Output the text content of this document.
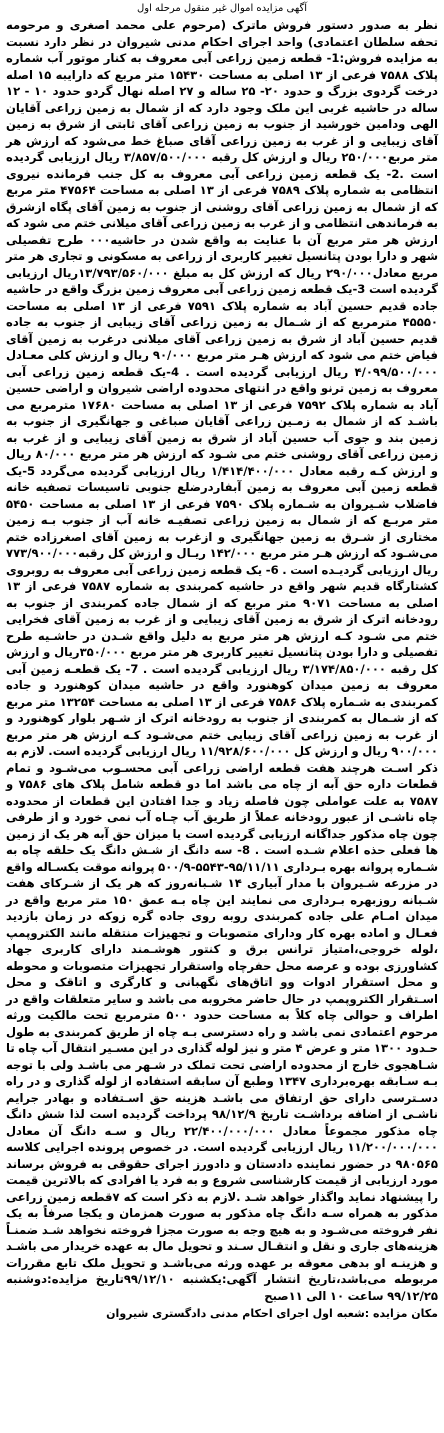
آگهی مزایده اموال غیر منقول مرحله اول

نظر به صدور دستور فروش ماترک (مرحوم علی محمد اصغری و مرحومه تحفه سلطان اعتمادی) واحد اجرای احکام مدنی شیروان در نظر دارد نسبت به مزایده فروش:1- قطعه زمین زراعی آبی معروف به کنار موتور آب شماره پلاک ۷۵۸۸ فرعی از ۱۳ اصلی به مساحت ۱۵۴۳۰ متر مربع که دارایبه ۱۵ اصله درخت گردوی بزرگ و حدود ۲۰- ۲۵ ساله و ۲۷ اصله نهال گردو حدود ۱۰ - ۱۲ ساله در حاشیه غربی این ملک وجود دارد که از شمال به زمین زراعی آقایان الهی ودامین خورشید از جنوب به زمین زراعی آقای ثابتی از شرق به زمین آقای زیبایی و از غرب به زمین زراعی آقای صباغ خط می‌شود که ارزش هر متر مربع۲۵۰/۰۰۰ ریال و ارزش کل رقبه ۳/۸۵۷/۵۰۰/۰۰۰ ریال ارزیابی گردیده است .2- یک قطعه زمین زراعی آبی معروف به کل جنب فرمانده نیروی انتظامی به شماره پلاک ۷۵۸۹ فرعی از ۱۳ اصلی به مساحت ۴۷۵۶۴ متر مربع که از شمال به زمین زراعی آقای روشنی از جنوب به زمین آقای پگاه ازشرق به فرماندهی انتظامی و از غرب به زمین زراعی آقای میلانی ختم می شود که ارزش هر متر مربع آن با عنایت به واقع شدن در حاشیه۰۰۰ طرح تفصیلی شهر و دارا بودن پتانسیل تغییر کاربری از زراعی به مسکونی و تجاری هر متر مربع معادل۲۹۰/۰۰۰ ریال که ارزش کل به مبلغ ۱۳/۷۹۳/۵۶۰/۰۰۰ریال ارزیابی گردیده است 3-یک قطعه زمین زراعی آبی معروف زمین بزرگ واقع در حاشیه جاده قدیم حسین آباد به شماره پلاک ۷۵۹۱ فرعی از ۱۳ اصلی به مساحت ۴۵۵۵۰ مترمربع که از شـمال به زمین زراعی آقای زیبایی از جنوب به جاده قدیم حسین آباد از شرق به زمین زراعی آقای میلانی درغرب به زمین آقای فیاض ختم می شود که ارزش هـر متر مربع ۹۰/۰۰۰ ریال و ارزش کلی معـادل ۴/۰۹۹/۵۰۰/۰۰۰ ریال ارزیابی گردیده است . 4-یک قطعه زمین زراعی آبی معروف به زمین ترنو واقع در انتهای محدوده اراضی شیروان و اراضی حسین آباد به شماره پلاک ۷۵۹۲ فرعی از ۱۳ اصلی به مساحت ۱۷۶۸۰ مترمربع می باشـد که از شمال به زمـین زراعی آقایان صباغی و جهانگیری از جنوب به زمین بند و جوی آب حسین آباد از شرق به زمین آقای زیبایی و از غرب به زمین زراعی آقای روشنی ختم می شـود که ارزش هر متر مربع ۸۰/۰۰۰ ریال و ارزش کـه رقبه معادل ۱/۴۱۴/۴۰۰/۰۰۰ ریال ارزیابی گردیده می‌گردد 5-یک قطعه زمین آبی معروف به زمین آبفاردرضلع جنوبی تاسیسات تصفیه خانه فاضلاب شـیروان به شـماره پلاک ۷۵۹۰ فرعی از ۱۳ اصلی به مساحت ۵۴۵۰ متر مربـع که از شمال به زمین زراعی تصفیـه خانه آب از جنوب بـه زمین مختاری از شـرق به زمین جهانگیری و ازغرب به زمین آقای اصغرزاده ختم می‌شـود که ارزش هـر متر مربع ۱۴۲/۰۰۰ ریـال و ارزش کل رقبه۷۷۳/۹۰۰/۰۰۰ ریال ارزیابی گردیـده است . 6- یک قطعه زمین زراعی آبی معروف به روبروی کشتارگاه قدیم شهر واقع در حاشیه کمربندی به شماره ۷۵۸۷ فرعی از ۱۳ اصلی به مساحت ۹۰۷۱ متر مربع که از شمال جاده کمربندی از جنوب به رودخانه اترک از شرق به زمین آقای زیبایی و از غرب به زمین آقای فخرایی ختم می شـود کـه ارزش هر متر مربع به دلیل واقع شـدن در حاشـیه طرح تفصیلی و دارا بودن پتانسیل تغییر کاربری هر متر مربع ۳۵۰/۰۰۰ریال و ارزش کل رقبه ۳/۱۷۴/۸۵۰/۰۰۰ ریال ارزیابی گردیده است . 7- یک قطعـه زمین آبی معروف به زمین میدان کوهنورد واقع در حاشیه میدان کوهنورد و جاده کمربندی به شـماره پلاک ۷۵۸۶ فرعی از ۱۳ اصلی به مساحت ۱۳۲۵۴ متر مربع که از شـمال به کمربندی از جنوب به رودخانه اترک از شـهر بلوار کوهنورد و از غرب به زمین زراعی آقای زیبایی ختم می‌شـود کـه ارزش هر متر مربع ۹۰۰/۰۰۰ ریال و ارزش کل ۱۱/۹۲۸/۶۰۰/۰۰۰ ریال ارزیابی گردیده است. لازم به ذکر اسـت هرچند هفت قطعه اراضی زراعی آبی محسـوب می‌شـود و تمام قطعات داره حق آبه از چاه می باشد اما دو قطعه شامل پلاک های ۷۵۸۶ و ۷۵۸۷ به علت عواملی چون فاصله زیاد و جدا افتادن این قطعات از محدوده چاه ناشـی از عبور رودخانه عملاً از طریق آب چـاه آب نمی خورد و از طرفی چون چاه مذکور جداگانه ارزیابی گردیده است یا میزان حق آبه هر یک از زمین ها فعلی حذه اعلام شـده است . 8- سه دانگ از شـش دانگ یک حلقه چاه به شـماره پروانه بهره بـرداری ۹۵/۱۱/۱۱-۵۵۴۳-۵۰۰/۹ پروانه موقت یکسـاله واقع در مزرعه شـیروان با مدار آبیاری ۱۴ شـبانه‌روز که هر یک از شـرکای هفت شـبانه روزبهره بـرداری می نمایند این چاه بـه عمق ۱۵۰ متر مربع واقع در میدان امـام علی جاده کمربندی روبه روی جاده گره زوکه در زمان بازدید فعـال و اماده بهره کار ودارای متصوبات و تجهیزات منتقله مانند الکتروپمپ ،لوله خروجی،امتیاز ترانس برق و کنتور هوشـمند دارای کاربری جهاد کشاورزی بوده و عرصه محل حفرچاه واستقرار تجهیزات متصوبات و محوطه و محل استقرار ادوات وو اتاق‌های نگهبانی و کارگری و اتاقک و محل اسـتقرار الکتروپمپ در حال حاضر مخروبه می باشد و سایر متعلقات واقع در اطراف و حوالی چاه کلاً به مساحت حدود ۵۰۰ مترمربع تحت مالکیت ورثه مرحوم اعتمادی نمی باشد و راه دسترسی بـه چاه از طریق کمربندی به طول حـدود ۱۳۰۰ متر و عرض ۴ متر و نیز لوله گذاری در این مسـیر انتقال آب چاه تا شـاهجوی خارج از محدوده اراضی تحت تملک در شـهر می باشـد ولی با توجه بـه سـابقه بهره‌برداری ۱۳۴۷ وطبع آن سابقه استفاده از لوله گذاری و در راه دسـترسی دارای حق ارتفاق می باشـد هزینه حق اسـتفاده و بهادر جرایم ناشـی از اضافه برداشـت تاریخ ۹۸/۱۲/۹ پرداخت گردیده است لذا شش دانگ چاه مذکور مجموعاً معادل ۲۲/۴۰۰/۰۰۰/۰۰۰ ریال و سـه دانگ آن معادل ۱۱/۲۰۰/۰۰۰/۰۰۰ ریال ارزیابی گردیده است. در خصوص پرونده اجرایی کلاسه ۹۸۰۵۶۵ در حضور نماینده دادستان و دادورز اجرای حقوقی به فروش برساند مورد ارزیابی از قیمت کارشناسی شروع و به فرد یا افرادی که بالاترین قیمت را پیشنهاد نماید واگذار خواهد شـد .لازم به ذکر است که ۷قطعه زمین زراعی مذکور به همراه سـه دانگ چاه مذکور به صورت همزمان و یکجا صرفاً به یک نفر فروخته می‌شـود و به هیچ وجه به صورت مجزا فروخته نخواهد شـد ضمنـاً هزینه‌های جاری و نقل و انتقـال سـند و تحویل مال به عهده خریدار می باشـد و هزینـه او بدهی معوقه بر عهده ورثه می‌باشـد و تحویل ملک تابع مقررات مربوطه می‌باشد،تاریخ انتشار آگهی:یکشنبه ۹۹/۱۲/۱۰تاریخ مزایده:دوشنبه ۹۹/۱۲/۲۵ ساعت ۱۰ الی ۱۱صبح

مکان مزایده :شعبه اول اجرای احکام مدنی دادگستری شیروان
